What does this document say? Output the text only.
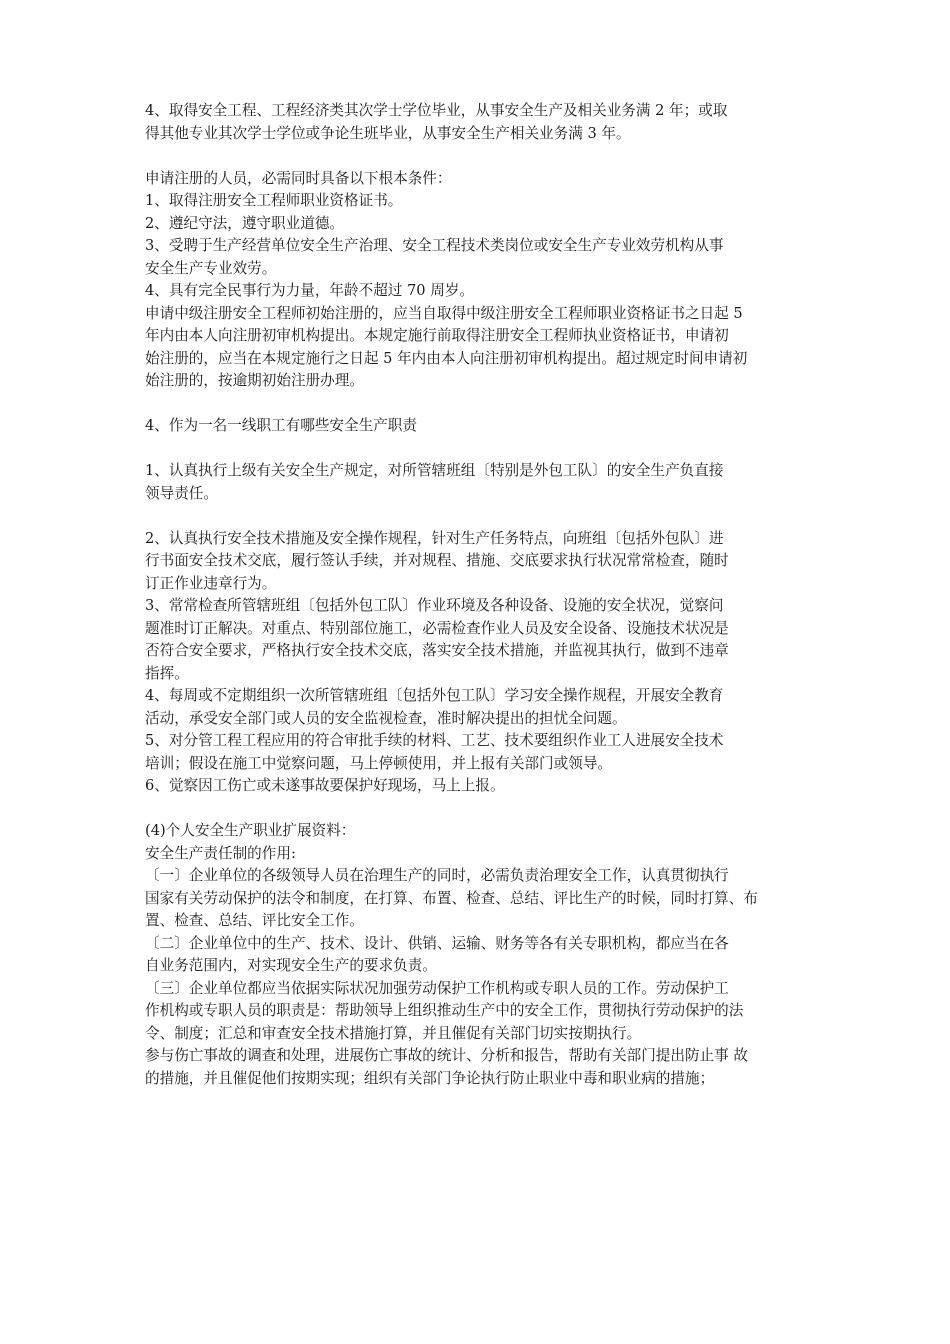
4、取得安全工程、工程经济类其次学士学位毕业，从事安全生产及相关业务满 2 年；或取

得其他专业其次学士学位或争论生班毕业，从事安全生产相关业务满 3 年。

申请注册的人员，必需同时具备以下根本条件：

1、取得注册安全工程师职业资格证书。

2、遵纪守法，遵守职业道德。

3、受聘于生产经营单位安全生产治理、安全工程技术类岗位或安全生产专业效劳机构从事

安全生产专业效劳。

4、具有完全民事行为力量，年龄不超过 70 周岁。

申请中级注册安全工程师初始注册的，应当自取得中级注册安全工程师职业资格证书之日起 5

年内由本人向注册初审机构提出。本规定施行前取得注册安全工程师执业资格证书，申请初

始注册的，应当在本规定施行之日起 5 年内由本人向注册初审机构提出。超过规定时间申请初

始注册的，按逾期初始注册办理。

4、作为一名一线职工有哪些安全生产职责

1、认真执行上级有关安全生产规定，对所管辖班组〔特别是外包工队〕的安全生产负直接

领导责任。

2、认真执行安全技术措施及安全操作规程，针对生产任务特点，向班组〔包括外包队〕进

行书面安全技术交底，履行签认手续，并对规程、措施、交底要求执行状况常常检查，随时

订正作业违章行为。

3、常常检查所管辖班组〔包括外包工队〕作业环境及各种设备、设施的安全状况，觉察问

题准时订正解决。对重点、特别部位施工，必需检查作业人员及安全设备、设施技术状况是

否符合安全要求，严格执行安全技术交底，落实安全技术措施，并监视其执行，做到不违章

指挥。

4、每周或不定期组织一次所管辖班组〔包括外包工队〕学习安全操作规程，开展安全教育

活动，承受安全部门或人员的安全监视检查，准时解决提出的担忧全问题。

5、对分管工程工程应用的符合审批手续的材料、工艺、技术要组织作业工人进展安全技术

培训；假设在施工中觉察问题，马上停顿使用，并上报有关部门或领导。

6、觉察因工伤亡或未遂事故要保护好现场，马上上报。

(4)个人安全生产职业扩展资料：

安全生产责任制的作用:

〔一〕企业单位的各级领导人员在治理生产的同时，必需负责治理安全工作，认真贯彻执行

国家有关劳动保护的法令和制度，在打算、布置、检查、总结、评比生产的时候，同时打算、布

置、检查、总结、评比安全工作。

〔二〕企业单位中的生产、技术、设计、供销、运输、财务等各有关专职机构，都应当在各

自业务范围内，对实现安全生产的要求负责。

〔三〕企业单位都应当依据实际状况加强劳动保护工作机构或专职人员的工作。劳动保护工

作机构或专职人员的职责是：帮助领导上组织推动生产中的安全工作，贯彻执行劳动保护的法

令、制度；汇总和审查安全技术措施打算，并且催促有关部门切实按期执行。

参与伤亡事故的调查和处理，进展伤亡事故的统计、分析和报告，帮助有关部门提出防止事 故

的措施，并且催促他们按期实现；组织有关部门争论执行防止职业中毒和职业病的措施；
